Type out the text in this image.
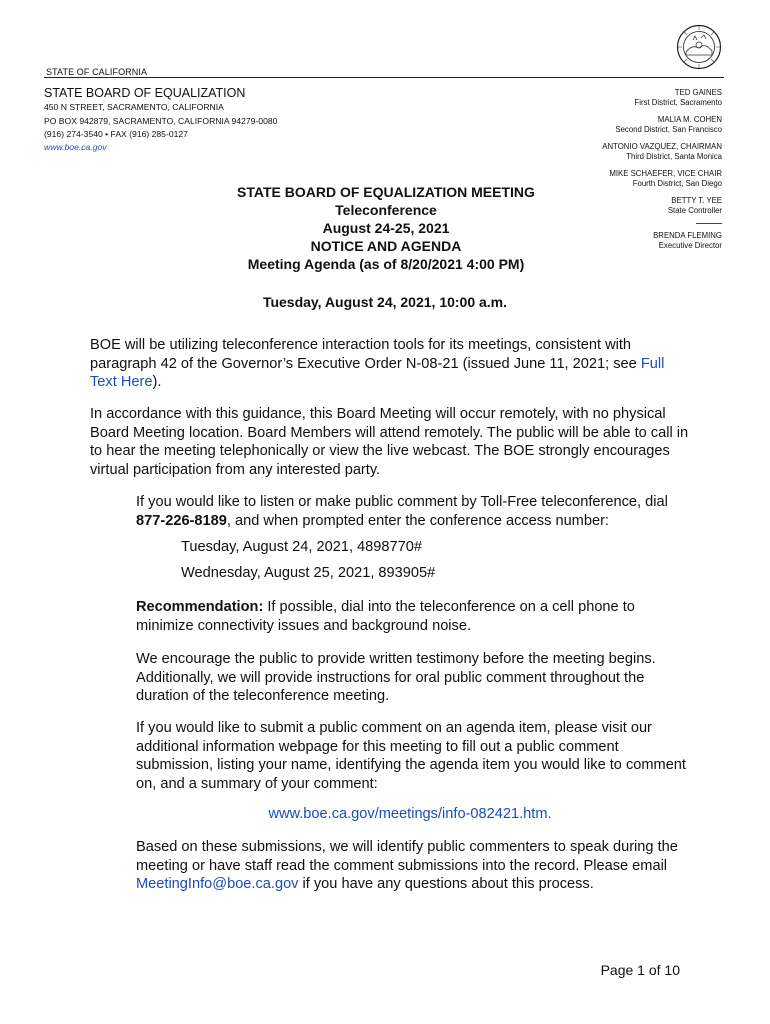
STATE OF CALIFORNIA
STATE BOARD OF EQUALIZATION
450 N STREET, SACRAMENTO, CALIFORNIA
PO BOX 942879, SACRAMENTO, CALIFORNIA 94279-0080
(916) 274-3540 • FAX (916) 285-0127
www.boe.ca.gov
TED GAINES
First District, Sacramento
MALIA M. COHEN
Second District, San Francisco
ANTONIO VAZQUEZ, CHAIRMAN
Third District, Santa Monica
MIKE SCHAEFER, VICE CHAIR
Fourth District, San Diego
BETTY T. YEE
State Controller
BRENDA FLEMING
Executive Director
STATE BOARD OF EQUALIZATION MEETING
Teleconference
August 24-25, 2021
NOTICE AND AGENDA
Meeting Agenda (as of 8/20/2021 4:00 PM)
Tuesday, August 24, 2021, 10:00 a.m.
BOE will be utilizing teleconference interaction tools for its meetings, consistent with paragraph 42 of the Governor’s Executive Order N-08-21 (issued June 11, 2021; see Full Text Here).
In accordance with this guidance, this Board Meeting will occur remotely, with no physical Board Meeting location. Board Members will attend remotely. The public will be able to call in to hear the meeting telephonically or view the live webcast. The BOE strongly encourages virtual participation from any interested party.
If you would like to listen or make public comment by Toll-Free teleconference, dial 877-226-8189, and when prompted enter the conference access number:
Tuesday, August 24, 2021, 4898770#
Wednesday, August 25, 2021, 893905#
Recommendation: If possible, dial into the teleconference on a cell phone to minimize connectivity issues and background noise.
We encourage the public to provide written testimony before the meeting begins. Additionally, we will provide instructions for oral public comment throughout the duration of the teleconference meeting.
If you would like to submit a public comment on an agenda item, please visit our additional information webpage for this meeting to fill out a public comment submission, listing your name, identifying the agenda item you would like to comment on, and a summary of your comment:
www.boe.ca.gov/meetings/info-082421.htm.
Based on these submissions, we will identify public commenters to speak during the meeting or have staff read the comment submissions into the record. Please email MeetingInfo@boe.ca.gov if you have any questions about this process.
Page 1 of 10
